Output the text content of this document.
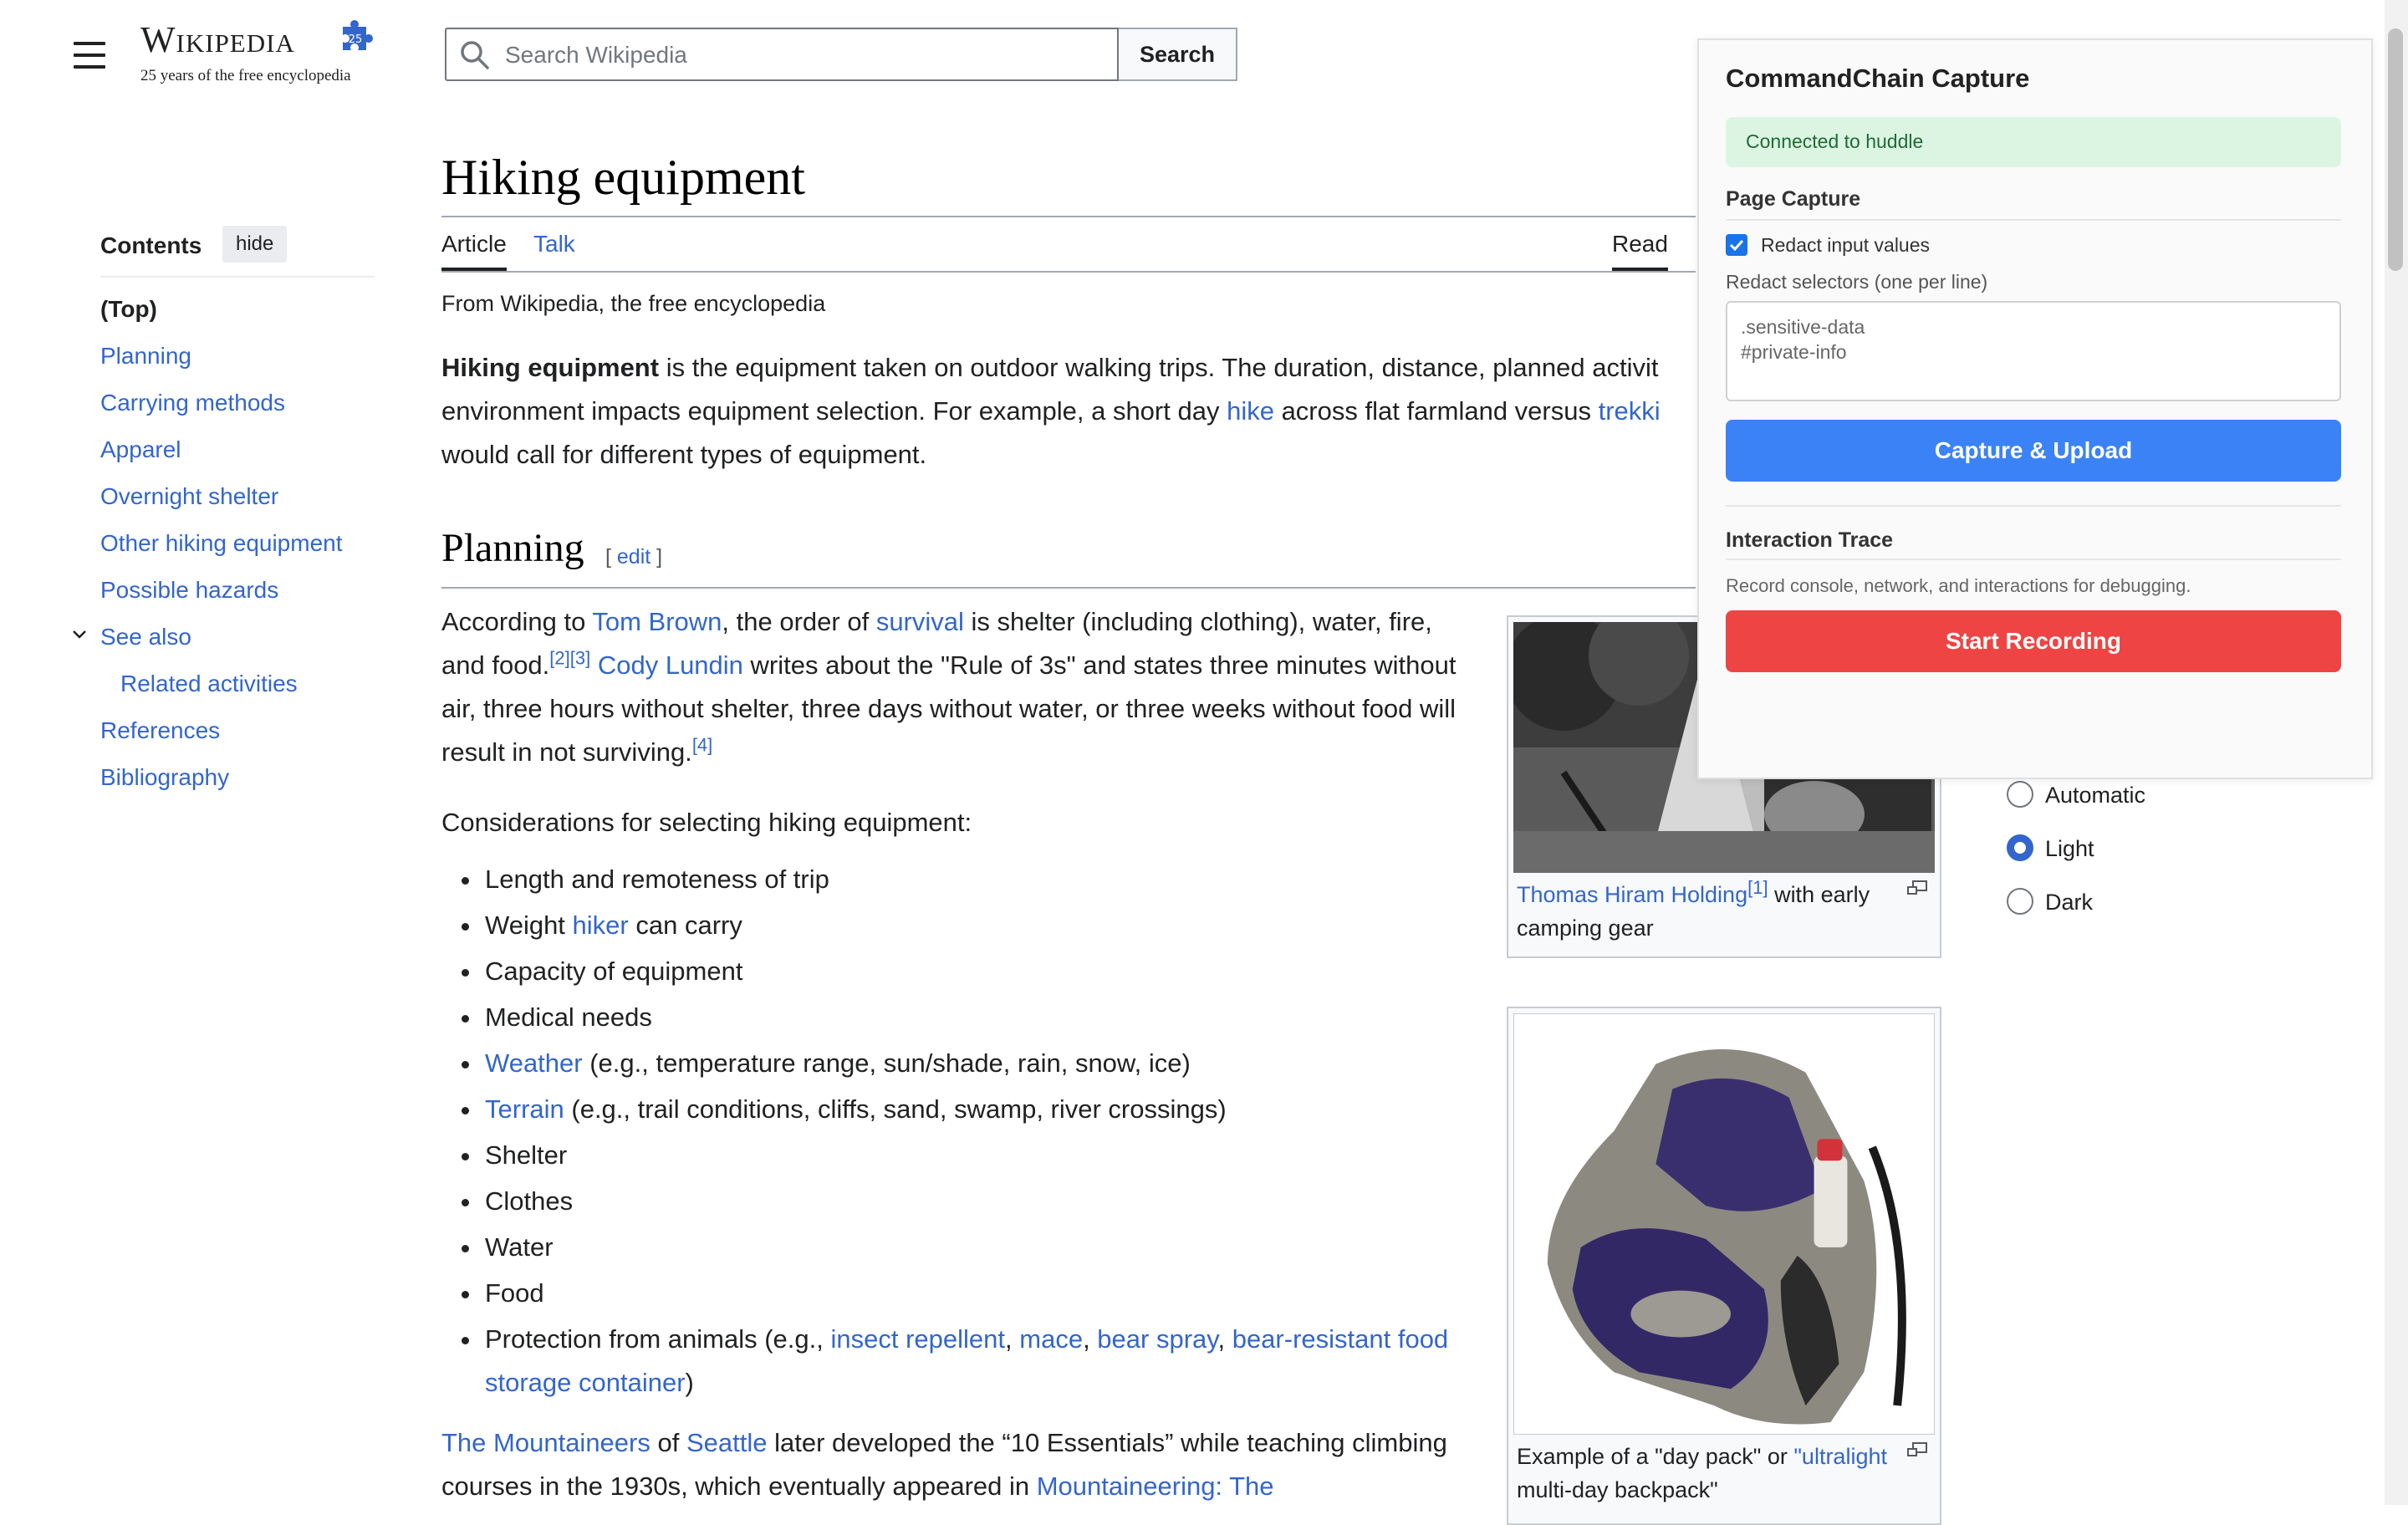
Wikipedia	25
25 years of the free encyclopedia
Search Wikipedia
Search
Contents	hide
(Top)
Planning
Carrying methods
Apparel
Overnight shelter
Other hiking equipment
Possible hazards
See also
Related activities
References
Bibliography
Hiking equipment
Article Talk	Read
From Wikipedia, the free encyclopedia
Hiking equipment is the equipment taken on outdoor walking trips. The duration, distance, planned activit
environment impacts equipment selection. For example, a short day hike across flat farmland versus trekki
would call for different types of equipment.
Planning [ edit ]
According to Tom Brown, the order of survival is shelter (including clothing), water, fire, and food.[2][3] Cody Lundin writes about the "Rule of 3s" and states three minutes without air, three hours without shelter, three days without water, or three weeks without food will result in not surviving.[4]
Considerations for selecting hiking equipment:
Length and remoteness of trip
Weight hiker can carry
Capacity of equipment
Medical needs
Weather (e.g., temperature range, sun/shade, rain, snow, ice)
Terrain (e.g., trail conditions, cliffs, sand, swamp, river crossings)
Shelter
Clothes
Water
Food
Protection from animals (e.g., insect repellent, mace, bear spray, bear-resistant food storage container)
The Mountaineers of Seattle later developed the “10 Essentials” while teaching climbing courses in the 1930s, which eventually appeared in Mountaineering: The
Thomas Hiram Holding[1] with early camping gear
Example of a "day pack" or "ultralight multi-day backpack"
Automatic
Light
Dark
CommandChain Capture
Connected to huddle
Page Capture
Redact input values
Redact selectors (one per line)
.sensitive-data
#private-info
Capture & Upload
Interaction Trace
Record console, network, and interactions for debugging.
Start Recording
